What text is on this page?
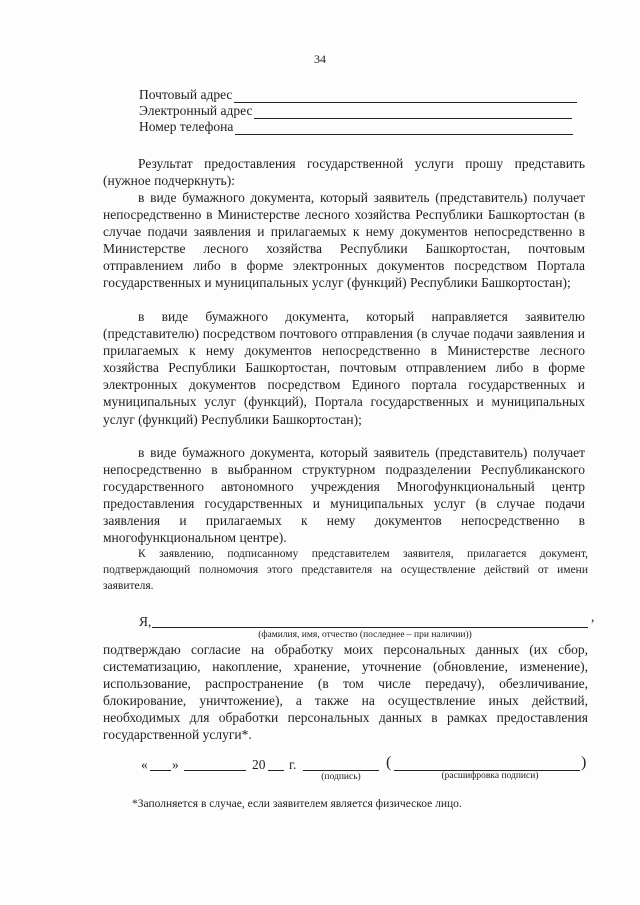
34
Почтовый адрес
Электронный адрес
Номер телефона
Результат предоставления государственной услуги прошу представить (нужное подчеркнуть):
в виде бумажного документа, который заявитель (представитель) получает непосредственно в Министерстве лесного хозяйства Республики Башкортостан (в случае подачи заявления и прилагаемых к нему документов непосредственно в Министерстве лесного хозяйства Республики Башкортостан, почтовым отправлением либо в форме электронных документов посредством Портала государственных и муниципальных услуг (функций) Республики Башкортостан);
в виде бумажного документа, который направляется заявителю (представителю) посредством почтового отправления (в случае подачи заявления и прилагаемых к нему документов непосредственно в Министерстве лесного хозяйства Республики Башкортостан, почтовым отправлением либо в форме электронных документов посредством Единого портала государственных и муниципальных услуг (функций), Портала государственных и муниципальных услуг (функций) Республики Башкортостан);
в виде бумажного документа, который заявитель (представитель) получает непосредственно в выбранном структурном подразделении Республиканского государственного автономного учреждения Многофункциональный центр предоставления государственных и муниципальных услуг (в случае подачи заявления и прилагаемых к нему документов непосредственно в многофункциональном центре).
К заявлению, подписанному представителем заявителя, прилагается документ, подтверждающий полномочия этого представителя на осуществление действий от имени заявителя.
Я,	,
(фамилия, имя, отчество (последнее – при наличии))
подтверждаю согласие на обработку моих персональных данных (их сбор, систематизацию, накопление, хранение, уточнение (обновление, изменение), использование, распространение (в том числе передачу), обезличивание, блокирование, уничтожение), а также на осуществление иных действий, необходимых для обработки персональных данных в рамках предоставления государственной услуги*.
« »	20 г.	(	)
(подпись)	(расшифровка подписи)
*Заполняется в случае, если заявителем является физическое лицо.
